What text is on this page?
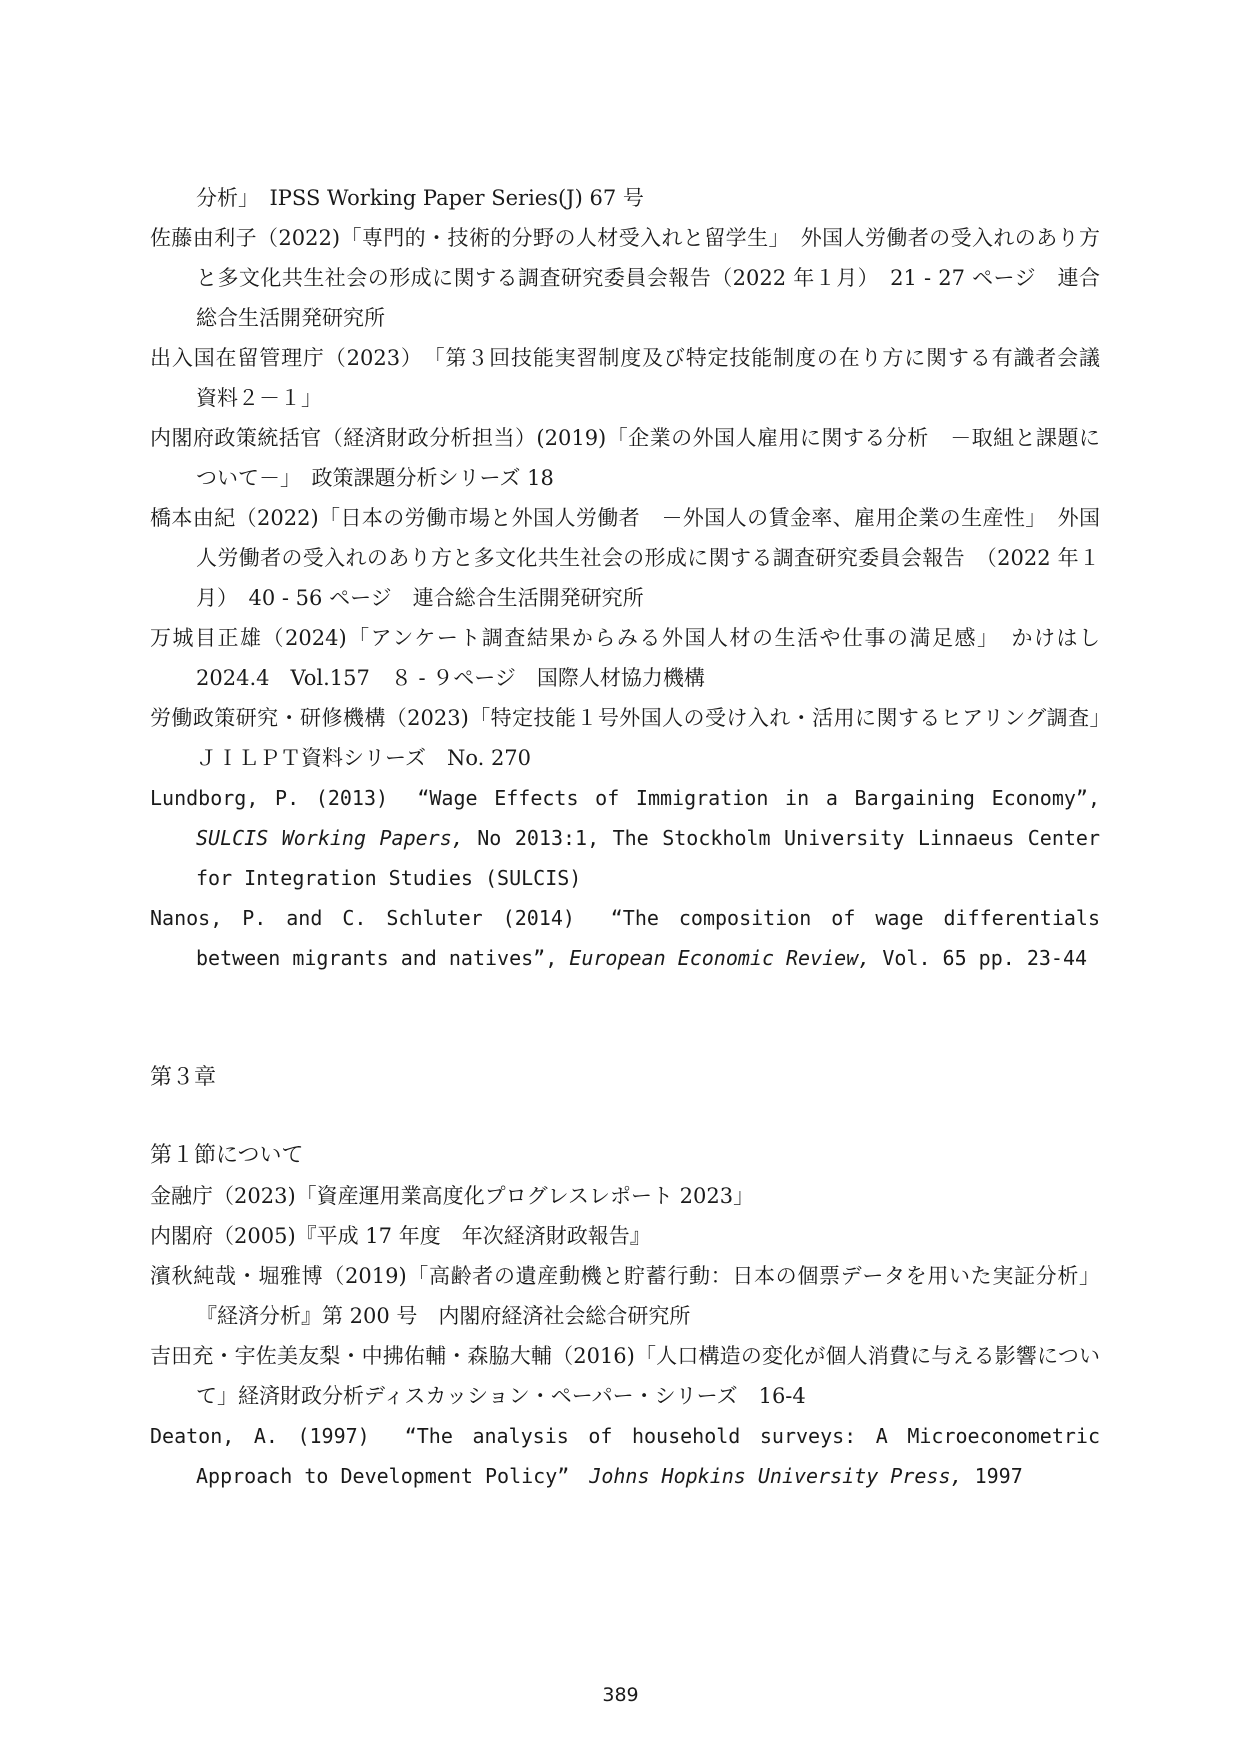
分析」　IPSS Working Paper Series(J) 67 号

佐藤由利子（2022)「専門的・技術的分野の人材受入れと留学生」　外国人労働者の受入れのあり方と多文化共生社会の形成に関する調査研究委員会報告（2022 年１月）　21 - 27 ページ　連合総合生活開発研究所

出入国在留管理庁（2023）　「第３回技能実習制度及び特定技能制度の在り方に関する有識者会議　資料２－１」

内閣府政策統括官（経済財政分析担当）(2019)「企業の外国人雇用に関する分析　－取組と課題について－」　政策課題分析シリーズ 18

橋本由紀（2022)「日本の労働市場と外国人労働者　－外国人の賃金率、雇用企業の生産性」　外国人労働者の受入れのあり方と多文化共生社会の形成に関する調査研究委員会報告　（2022 年１月）　40 - 56 ページ　連合総合生活開発研究所

万城目正雄（2024)「アンケート調査結果からみる外国人材の生活や仕事の満足感」　かけはし　2024.4　Vol.157　８ - ９ページ　国際人材協力機構

労働政策研究・研修機構（2023)「特定技能１号外国人の受け入れ・活用に関するヒアリング調査」　ＪＩＬＰＴ資料シリーズ　No. 270

Lundborg, P. (2013)　“Wage Effects of Immigration in a Bargaining Economy”, SULCIS Working Papers, No 2013:1, The Stockholm University Linnaeus Center for Integration Studies (SULCIS)

Nanos, P. and C. Schluter (2014)　“The composition of wage differentials between migrants and natives”, European Economic Review, Vol. 65 pp. 23-44

第３章

第１節について

金融庁（2023)「資産運用業高度化プログレスレポート 2023」

内閣府（2005)『平成 17 年度　年次経済財政報告』

濱秋純哉・堀雅博（2019)「高齢者の遺産動機と貯蓄行動：日本の個票データを用いた実証分析」『経済分析』第 200 号　内閣府経済社会総合研究所

吉田充・宇佐美友梨・中拂佑輔・森脇大輔（2016)「人口構造の変化が個人消費に与える影響について」経済財政分析ディスカッション・ペーパー・シリーズ　16-4

Deaton, A. (1997)　“The analysis of household surveys: A Microeconometric Approach to Development Policy”　Johns Hopkins University Press, 1997

389
